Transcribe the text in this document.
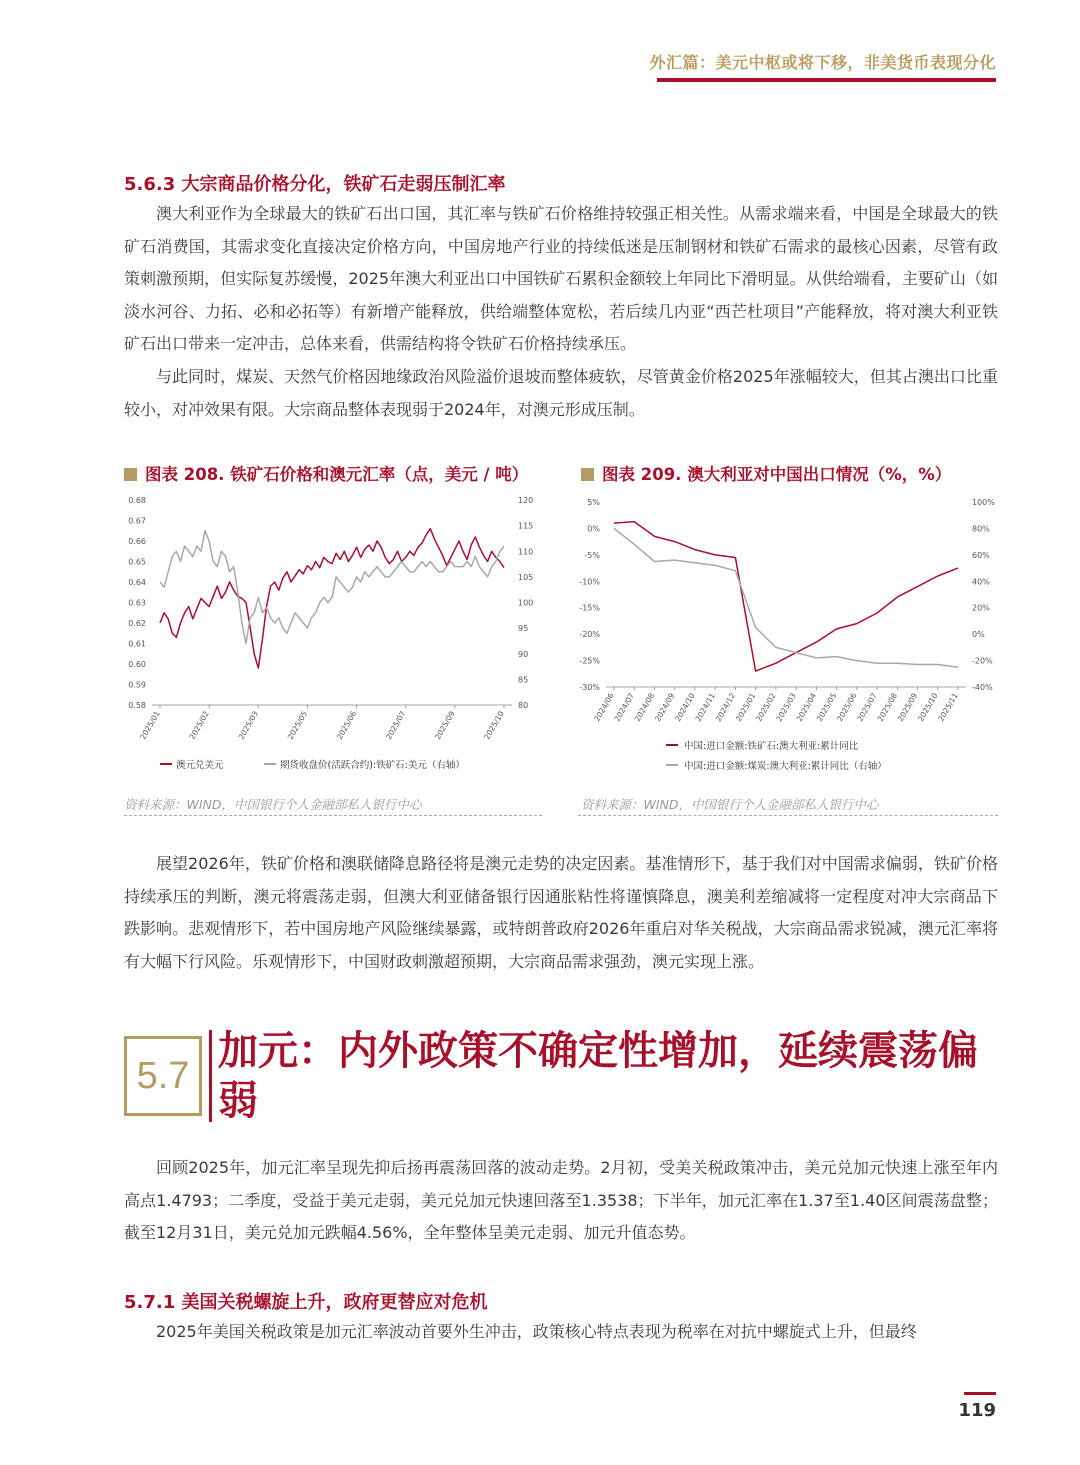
外汇篇：美元中枢或将下移，非美货币表现分化
5.6.3 大宗商品价格分化，铁矿石走弱压制汇率

澳大利亚作为全球最大的铁矿石出口国，其汇率与铁矿石价格维持较强正相关性。从需求端来看，中国是全球最大的铁矿石消费国，其需求变化直接决定价格方向，中国房地产行业的持续低迷是压制钢材和铁矿石需求的最核心因素，尽管有政策刺激预期，但实际复苏缓慢，2025年澳大利亚出口中国铁矿石累积金额较上年同比下滑明显。从供给端看，主要矿山（如淡水河谷、力拓、必和必拓等）有新增产能释放，供给端整体宽松，若后续几内亚“西芒杜项目”产能释放，将对澳大利亚铁矿石出口带来一定冲击，总体来看，供需结构将令铁矿石价格持续承压。

与此同时，煤炭、天然气价格因地缘政治风险溢价退坡而整体疲软，尽管黄金价格2025年涨幅较大，但其占澳出口比重较小，对冲效果有限。大宗商品整体表现弱于2024年，对澳元形成压制。

图表 208. 铁矿石价格和澳元汇率（点，美元 / 吨）
0.68
0.67
0.66
0.65
0.64
0.63
0.62
0.61
0.60
0.59
0.58
120
115
110
105
100
95
90
85
80
2025/01	2025/02	2025/03	2025/05	2025/06	2025/07	2025/09	2025/10
澳元兑美元	期货收盘价(活跃合约):铁矿石:美元（右轴）
资料来源：WIND，中国银行个人金融部私人银行中心
图表 209. 澳大利亚对中国出口情况（%，%）
5%
0%
-5%
-10%
-15%
-20%
-25%
-30%
100%
80%
60%
40%
20%
0%
-20%
-40%
2024/06
2024/07
2024/08
2024/09
2024/10
2024/11
2024/12
2025/01
2025/02
2025/03
2025/04
2025/05
2025/06
2025/07
2025/08
2025/09
2025/10
2025/11
中国:进口金额:铁矿石:澳大利亚:累计同比
中国:进口金额:煤炭:澳大利亚:累计同比（右轴）
资料来源：WIND，中国银行个人金融部私人银行中心

展望2026年，铁矿价格和澳联储降息路径将是澳元走势的决定因素。基准情形下，基于我们对中国需求偏弱，铁矿价格持续承压的判断，澳元将震荡走弱，但澳大利亚储备银行因通胀粘性将谨慎降息，澳美利差缩减将一定程度对冲大宗商品下跌影响。悲观情形下，若中国房地产风险继续暴露，或特朗普政府2026年重启对华关税战，大宗商品需求锐减，澳元汇率将有大幅下行风险。乐观情形下，中国财政刺激超预期，大宗商品需求强劲，澳元实现上涨。

5.7
加元：内外政策不确定性增加，延续震荡偏弱

回顾2025年，加元汇率呈现先抑后扬再震荡回落的波动走势。2月初，受美关税政策冲击，美元兑加元快速上涨至年内高点1.4793；二季度，受益于美元走弱，美元兑加元快速回落至1.3538；下半年，加元汇率在1.37至1.40区间震荡盘整；截至12月31日，美元兑加元跌幅4.56%，全年整体呈美元走弱、加元升值态势。

5.7.1 美国关税螺旋上升，政府更替应对危机

2025年美国关税政策是加元汇率波动首要外生冲击，政策核心特点表现为税率在对抗中螺旋式上升，但最终

119
